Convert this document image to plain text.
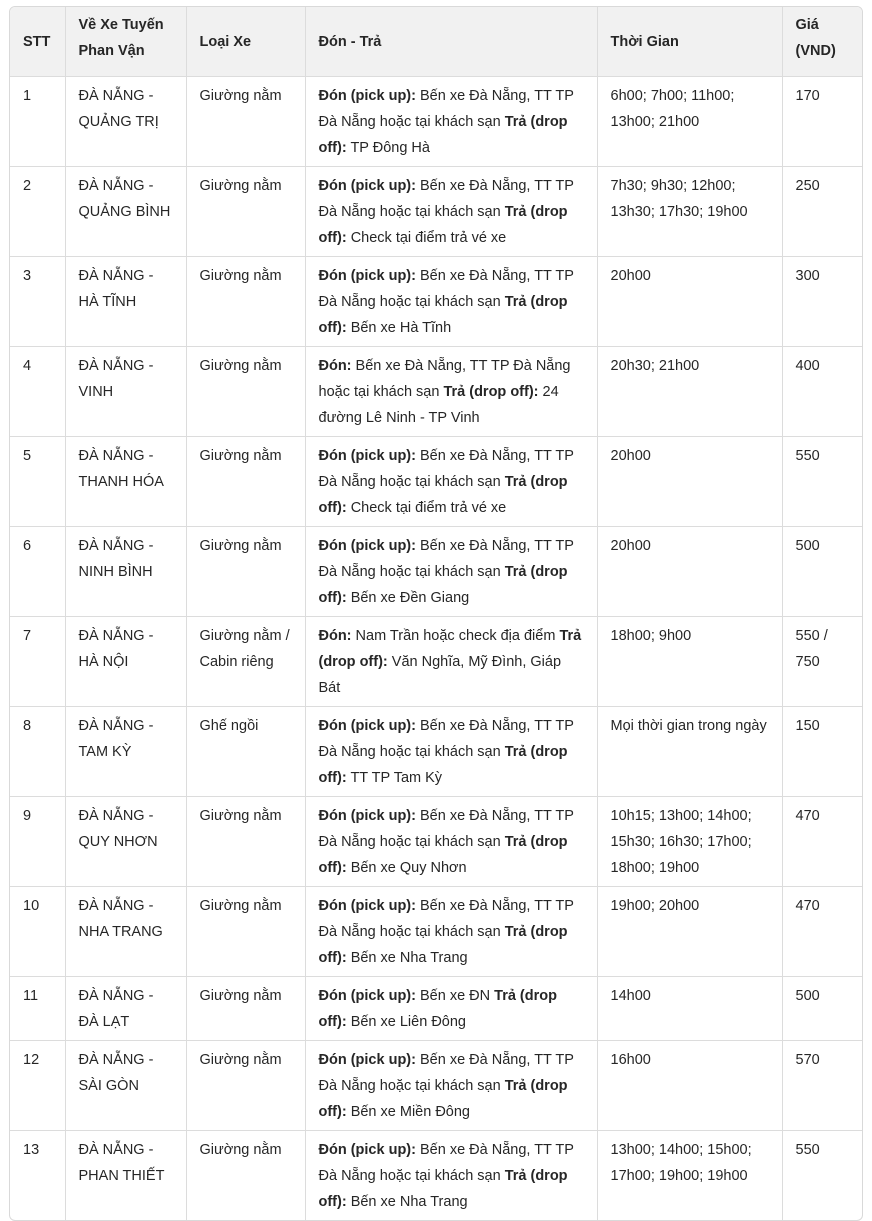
STT	Về Xe Tuyến Phan Vận	Loại Xe	Đón - Trả	Thời Gian	Giá (VND)
1	ĐÀ NẴNG - QUẢNG TRỊ	Giường nằm	Đón (pick up): Bến xe Đà Nẵng, TT TP Đà Nẵng hoặc tại khách sạn Trả (drop off): TP Đông Hà	6h00; 7h00; 11h00; 13h00; 21h00	170
2	ĐÀ NẴNG - QUẢNG BÌNH	Giường nằm	Đón (pick up): Bến xe Đà Nẵng, TT TP Đà Nẵng hoặc tại khách sạn Trả (drop off): Check tại điểm trả vé xe	7h30; 9h30; 12h00; 13h30; 17h30; 19h00	250
3	ĐÀ NẴNG - HÀ TĨNH	Giường nằm	Đón (pick up): Bến xe Đà Nẵng, TT TP Đà Nẵng hoặc tại khách sạn Trả (drop off): Bến xe Hà Tĩnh	20h00	300
4	ĐÀ NẴNG - VINH	Giường nằm	Đón: Bến xe Đà Nẵng, TT TP Đà Nẵng hoặc tại khách sạn Trả (drop off): 24 đường Lê Ninh - TP Vinh	20h30; 21h00	400
5	ĐÀ NẴNG - THANH HÓA	Giường nằm	Đón (pick up): Bến xe Đà Nẵng, TT TP Đà Nẵng hoặc tại khách sạn Trả (drop off): Check tại điểm trả vé xe	20h00	550
6	ĐÀ NẴNG - NINH BÌNH	Giường nằm	Đón (pick up): Bến xe Đà Nẵng, TT TP Đà Nẵng hoặc tại khách sạn Trả (drop off): Bến xe Đền Giang	20h00	500
7	ĐÀ NẴNG - HÀ NỘI	Giường nằm / Cabin riêng	Đón: Nam Trần hoặc check địa điểm Trả (drop off): Văn Nghĩa, Mỹ Đình, Giáp Bát	18h00; 9h00	550 / 750
8	ĐÀ NẴNG - TAM KỲ	Ghế ngồi	Đón (pick up): Bến xe Đà Nẵng, TT TP Đà Nẵng hoặc tại khách sạn Trả (drop off): TT TP Tam Kỳ	Mọi thời gian trong ngày	150
9	ĐÀ NẴNG - QUY NHƠN	Giường nằm	Đón (pick up): Bến xe Đà Nẵng, TT TP Đà Nẵng hoặc tại khách sạn Trả (drop off): Bến xe Quy Nhơn	10h15; 13h00; 14h00; 15h30; 16h30; 17h00; 18h00; 19h00	470
10	ĐÀ NẴNG - NHA TRANG	Giường nằm	Đón (pick up): Bến xe Đà Nẵng, TT TP Đà Nẵng hoặc tại khách sạn Trả (drop off): Bến xe Nha Trang	19h00; 20h00	470
11	ĐÀ NẴNG - ĐÀ LẠT	Giường nằm	Đón (pick up): Bến xe ĐN Trả (drop off): Bến xe Liên Đông	14h00	500
12	ĐÀ NẴNG - SÀI GÒN	Giường nằm	Đón (pick up): Bến xe Đà Nẵng, TT TP Đà Nẵng hoặc tại khách sạn Trả (drop off): Bến xe Miền Đông	16h00	570
13	ĐÀ NẴNG - PHAN THIẾT	Giường nằm	Đón (pick up): Bến xe Đà Nẵng, TT TP Đà Nẵng hoặc tại khách sạn Trả (drop off): Bến xe Nha Trang	13h00; 14h00; 15h00; 17h00; 19h00; 19h00	550
